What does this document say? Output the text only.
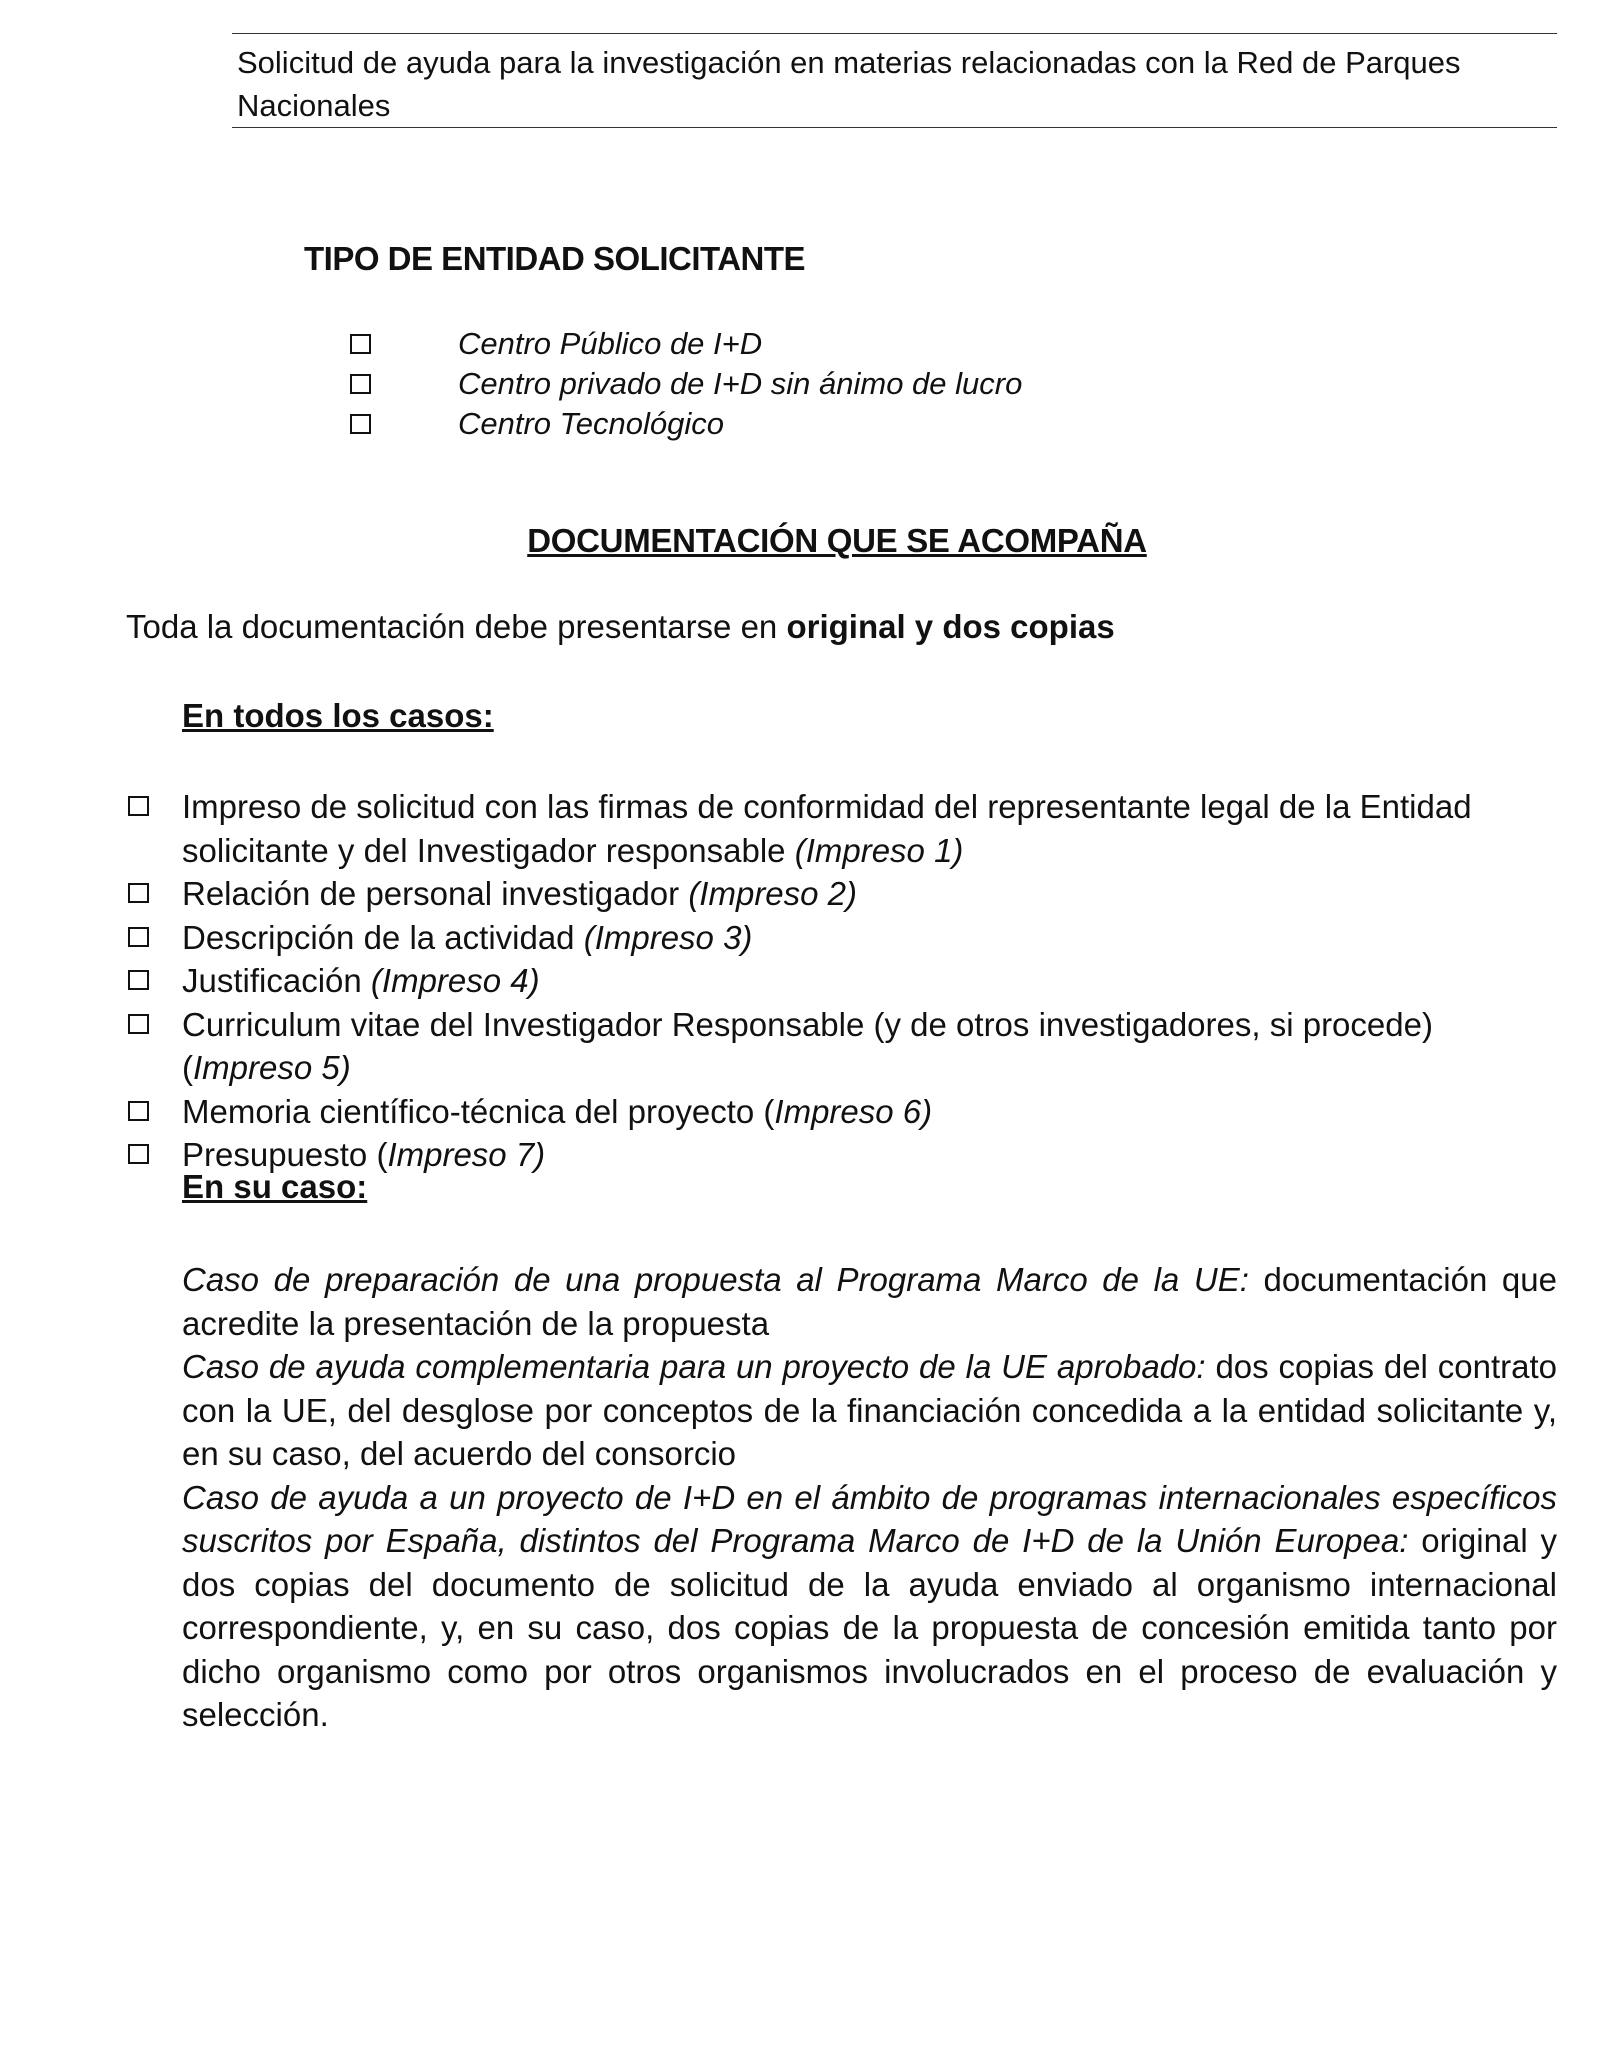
Solicitud de ayuda para la investigación en materias relacionadas con la Red de Parques Nacionales
TIPO DE ENTIDAD SOLICITANTE
Centro Público de I+D
Centro privado de I+D sin ánimo de lucro
Centro Tecnológico
DOCUMENTACIÓN QUE SE ACOMPAÑA
Toda la documentación debe presentarse en original y dos copias
En todos los casos:
Impreso de solicitud con las firmas de conformidad del representante legal de la Entidad solicitante y del Investigador responsable (Impreso 1)
Relación de personal investigador (Impreso 2)
Descripción de la actividad (Impreso 3)
Justificación (Impreso 4)
Curriculum vitae del Investigador Responsable (y de otros investigadores, si procede) (Impreso 5)
Memoria científico-técnica del proyecto (Impreso 6)
Presupuesto (Impreso 7)
En su caso:

Caso de preparación de una propuesta al Programa Marco de la UE: documentación que acredite la presentación de la propuesta

Caso de ayuda complementaria para un proyecto de la UE aprobado: dos copias del contrato con la UE, del desglose por conceptos de la financiación concedida a la entidad solicitante y, en su caso, del acuerdo del consorcio

Caso de ayuda a un proyecto de I+D en el ámbito de programas internacionales específicos suscritos por España, distintos del Programa Marco de I+D de la Unión Europea: original y dos copias del documento de solicitud de la ayuda enviado al organismo internacional correspondiente, y, en su caso, dos copias de la propuesta de concesión emitida tanto por dicho organismo como por otros organismos involucrados en el proceso de evaluación y selección.
